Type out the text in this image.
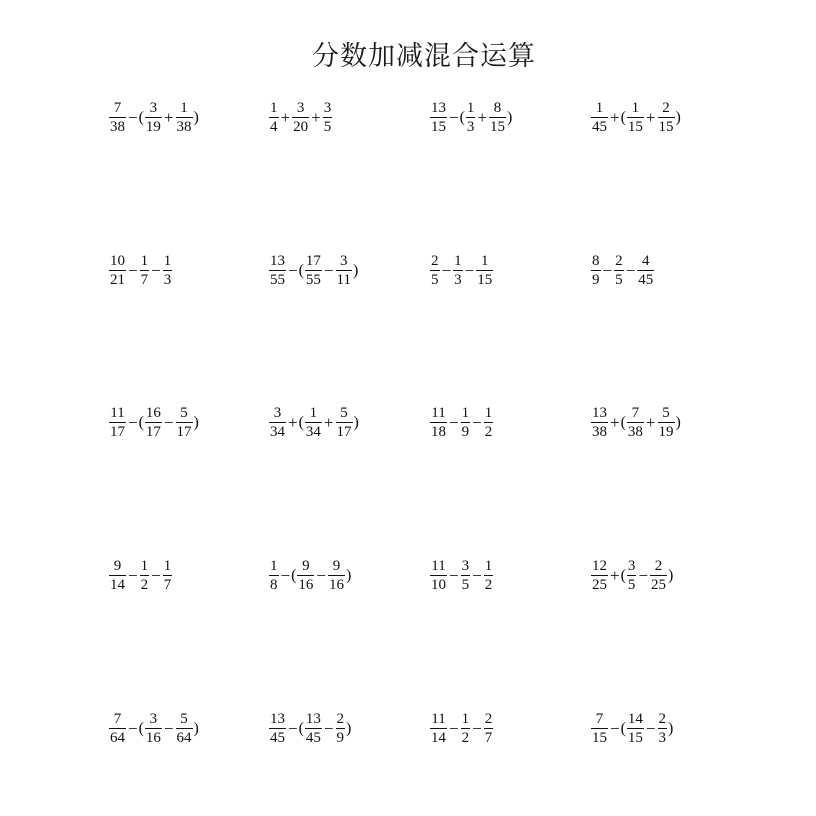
分数加减混合运算
$\frac{7}{38}$ − ( $\frac{3}{19} + \frac{1}{38}$ )	$\frac{1}{4} + \frac{3}{20} + \frac{3}{5}$	$\frac{13}{15}$ − ( $\frac{1}{3} + \frac{8}{15}$ )	$\frac{1}{45}$ + ( $\frac{1}{15} + \frac{2}{15}$ )
$\frac{10}{21} - \frac{1}{7} - \frac{1}{3}$	$\frac{13}{55}$ − ( $\frac{17}{55} - \frac{3}{11}$ )	$\frac{2}{5} - \frac{1}{3} - \frac{1}{15}$	$\frac{8}{9} - \frac{2}{5} - \frac{4}{45}$
$\frac{11}{17}$ − ( $\frac{16}{17} - \frac{5}{17}$ )	$\frac{3}{34}$ + ( $\frac{1}{34} + \frac{5}{17}$ )	$\frac{11}{18} - \frac{1}{9} - \frac{1}{2}$	$\frac{13}{38}$ + ( $\frac{7}{38} + \frac{5}{19}$ )
$\frac{9}{14} - \frac{1}{2} - \frac{1}{7}$	$\frac{1}{8}$ − ( $\frac{9}{16} - \frac{9}{16}$ )	$\frac{11}{10} - \frac{3}{5} - \frac{1}{2}$	$\frac{12}{25}$ + ( $\frac{3}{5} - \frac{2}{25}$ )
$\frac{7}{64}$ − ( $\frac{3}{16} - \frac{5}{64}$ )	$\frac{13}{45}$ − ( $\frac{13}{45} - \frac{2}{9}$ )	$\frac{11}{14} - \frac{1}{2} - \frac{2}{7}$	$\frac{7}{15}$ − ( $\frac{14}{15} - \frac{2}{3}$ )
